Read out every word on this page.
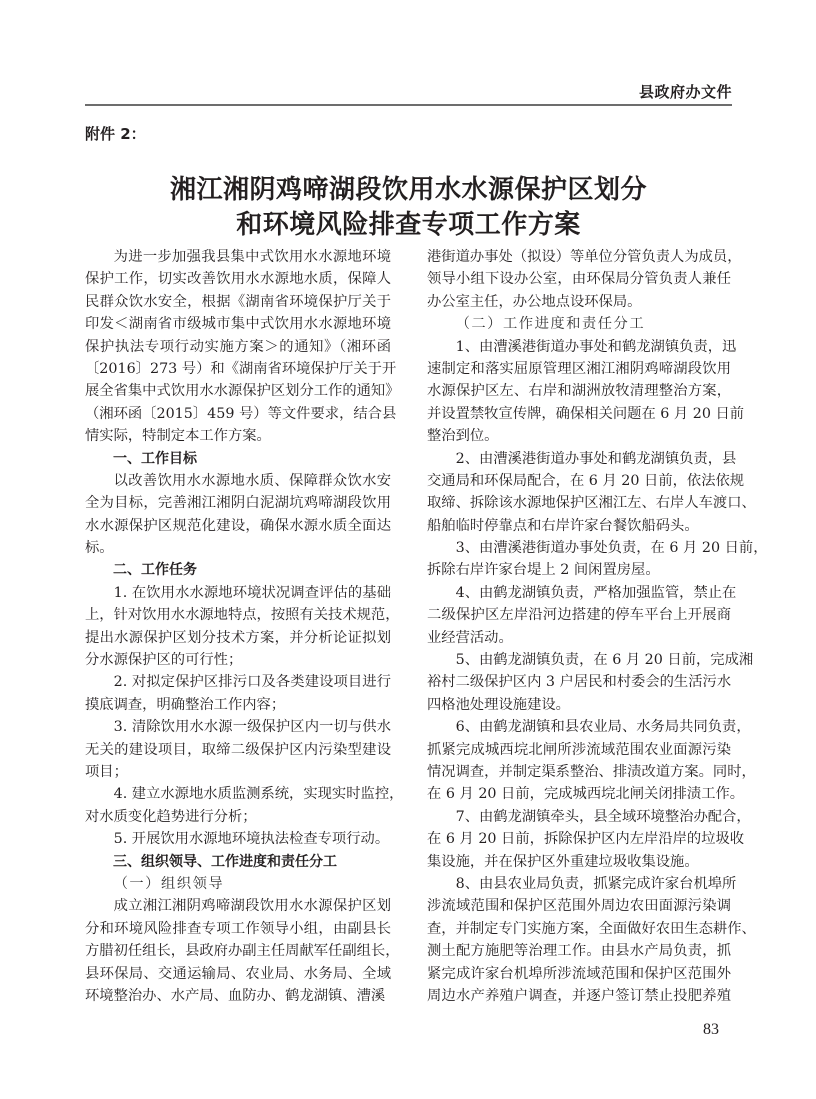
县政府办文件
附件 2：
湘江湘阴鸡啼湖段饮用水水源保护区划分
和环境风险排查专项工作方案
为进一步加强我县集中式饮用水水源地环境
保护工作，切实改善饮用水水源地水质，保障人
民群众饮水安全，根据《湖南省环境保护厅关于
印发＜湖南省市级城市集中式饮用水水源地环境
保护执法专项行动实施方案＞的通知》（湘环函
〔2016〕273 号）和《湖南省环境保护厅关于开
展全省集中式饮用水水源保护区划分工作的通知》
（湘环函〔2015〕459 号）等文件要求，结合县
情实际，特制定本工作方案。
一、工作目标
以改善饮用水水源地水质、保障群众饮水安
全为目标，完善湘江湘阴白泥湖坑鸡啼湖段饮用
水水源保护区规范化建设，确保水源水质全面达
标。
二、工作任务
1. 在饮用水水源地环境状况调查评估的基础
上，针对饮用水水源地特点，按照有关技术规范，
提出水源保护区划分技术方案，并分析论证拟划
分水源保护区的可行性；
2. 对拟定保护区排污口及各类建设项目进行
摸底调查，明确整治工作内容；
3. 清除饮用水水源一级保护区内一切与供水
无关的建设项目，取缔二级保护区内污染型建设
项目；
4. 建立水源地水质监测系统，实现实时监控，
对水质变化趋势进行分析；
5. 开展饮用水源地环境执法检查专项行动。
三、组织领导、工作进度和责任分工
（一）组织领导
成立湘江湘阴鸡啼湖段饮用水水源保护区划
分和环境风险排查专项工作领导小组，由副县长
方腊初任组长，县政府办副主任周献军任副组长，
县环保局、交通运输局、农业局、水务局、全域
环境整治办、水产局、血防办、鹤龙湖镇、漕溪
港街道办事处（拟设）等单位分管负责人为成员，
领导小组下设办公室，由环保局分管负责人兼任
办公室主任，办公地点设环保局。
（二）工作进度和责任分工
1、由漕溪港街道办事处和鹤龙湖镇负责，迅
速制定和落实屈原管理区湘江湘阴鸡啼湖段饮用
水源保护区左、右岸和湖洲放牧清理整治方案，
并设置禁牧宣传牌，确保相关问题在 6 月 20 日前
整治到位。
2、由漕溪港街道办事处和鹤龙湖镇负责，县
交通局和环保局配合，在 6 月 20 日前，依法依规
取缔、拆除该水源地保护区湘江左、右岸人车渡口、
船舶临时停靠点和右岸许家台餐饮船码头。
3、由漕溪港街道办事处负责，在 6 月 20 日前，
拆除右岸许家台堤上 2 间闲置房屋。
4、由鹤龙湖镇负责，严格加强监管，禁止在
二级保护区左岸沿河边搭建的停车平台上开展商
业经营活动。
5、由鹤龙湖镇负责，在 6 月 20 日前，完成湘
裕村二级保护区内 3 户居民和村委会的生活污水
四格池处理设施建设。
6、由鹤龙湖镇和县农业局、水务局共同负责，
抓紧完成城西垸北闸所涉流域范围农业面源污染
情况调查，并制定渠系整治、排渍改道方案。同时，
在 6 月 20 日前，完成城西垸北闸关闭排渍工作。
7、由鹤龙湖镇牵头，县全域环境整治办配合，
在 6 月 20 日前，拆除保护区内左岸沿岸的垃圾收
集设施，并在保护区外重建垃圾收集设施。
8、由县农业局负责，抓紧完成许家台机埠所
涉流域范围和保护区范围外周边农田面源污染调
查，并制定专门实施方案，全面做好农田生态耕作、
测土配方施肥等治理工作。由县水产局负责，抓
紧完成许家台机埠所涉流域范围和保护区范围外
周边水产养殖户调查，并逐户签订禁止投肥养殖
83
